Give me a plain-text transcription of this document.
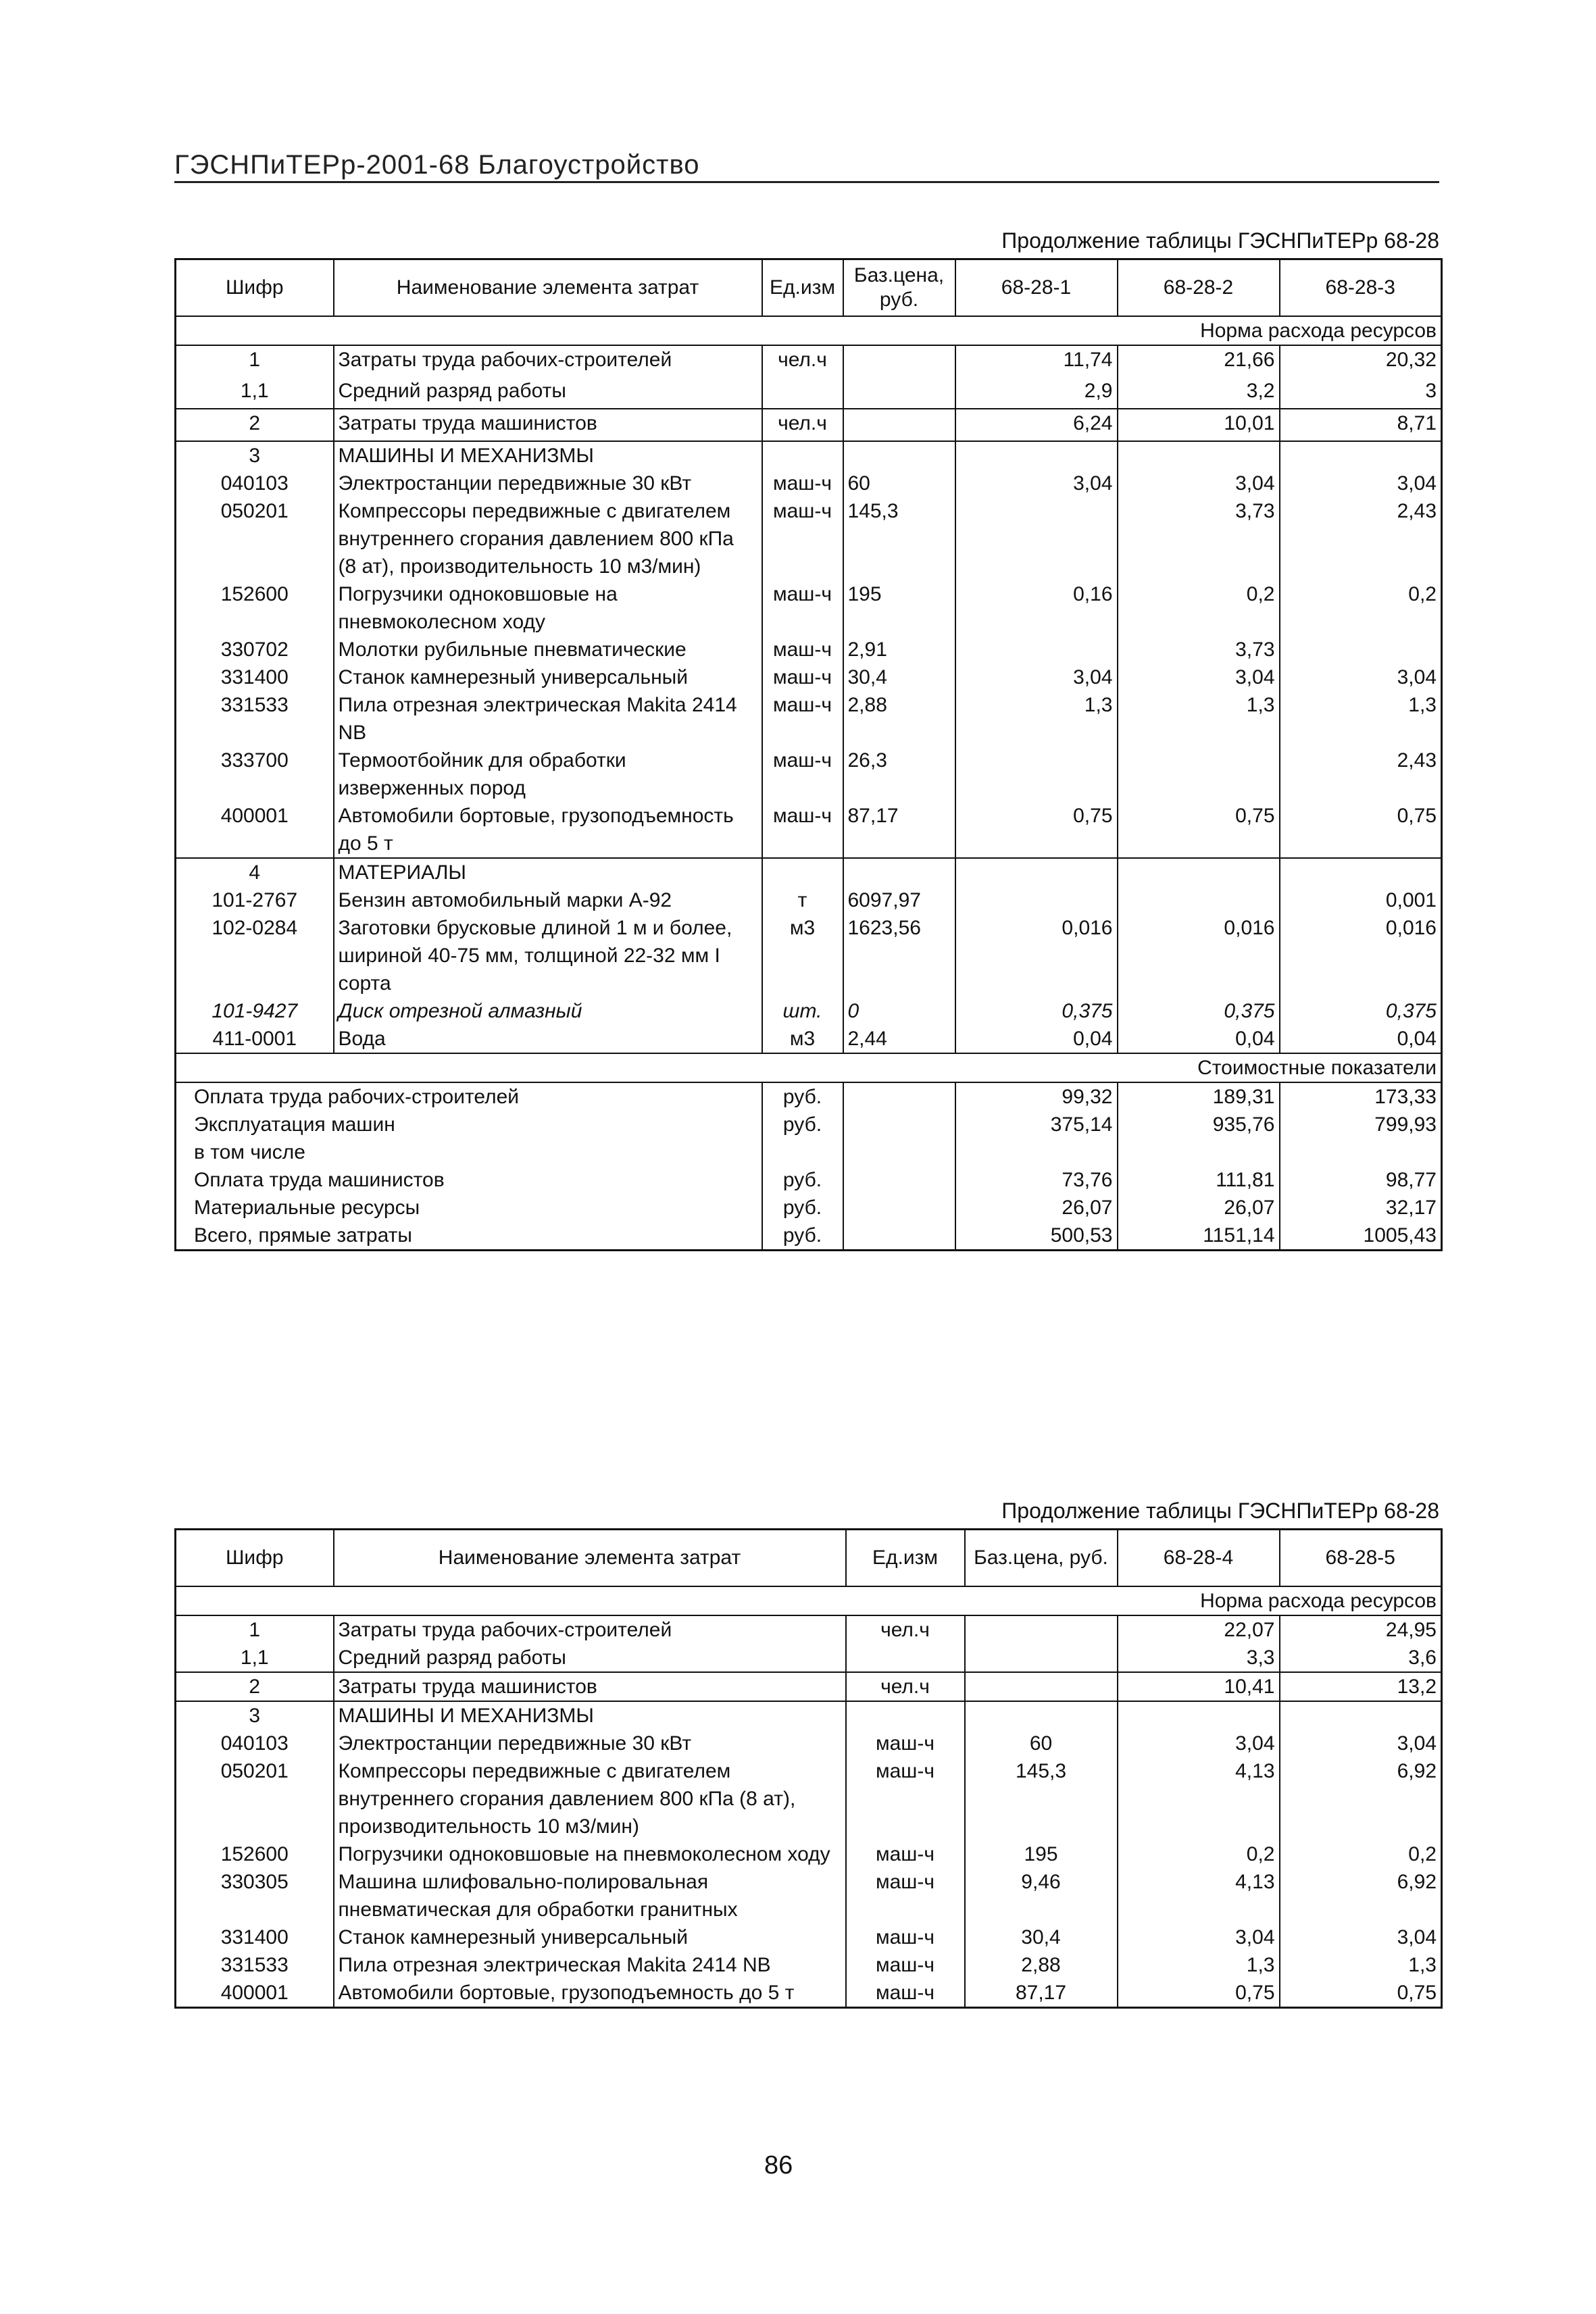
ГЭСНПиТЕРр-2001-68 Благоустройство
Продолжение таблицы ГЭСНПиТЕРр 68-28
Шифр	Наименование элемента затрат	Ед.изм	Баз.цена, руб.	68-28-1	68-28-2	68-28-3
				Норма расхода ресурсов		
1	Затраты труда рабочих-строителей	чел.ч		11,74	21,66	20,32
1,1	Средний разряд работы			2,9	3,2	3
2	Затраты труда машинистов	чел.ч		6,24	10,01	8,71
3	МАШИНЫ И МЕХАНИЗМЫ					
040103	Электростанции передвижные 30 кВт	маш-ч	60	3,04	3,04	3,04
050201	Компрессоры передвижные с двигателем внутреннего сгорания давлением 800 кПа (8 ат), производительность 10 м3/мин)	маш-ч	145,3		3,73	2,43
152600	Погрузчики одноковшовые на пневмоколесном ходу	маш-ч	195	0,16	0,2	0,2
330702	Молотки рубильные пневматические	маш-ч	2,91		3,73	
331400	Станок камнерезный универсальный	маш-ч	30,4	3,04	3,04	3,04
331533	Пила отрезная электрическая Makita 2414 NB	маш-ч	2,88	1,3	1,3	1,3
333700	Термоотбойник для обработки изверженных пород	маш-ч	26,3			2,43
400001	Автомобили бортовые, грузоподъемность до 5 т	маш-ч	87,17	0,75	0,75	0,75
4	МАТЕРИАЛЫ					
101-2767	Бензин автомобильный марки А-92	т	6097,97			0,001
102-0284	Заготовки брусковые длиной 1 м и более, шириной 40-75 мм, толщиной 22-32 мм I сорта	м3	1623,56	0,016	0,016	0,016
101-9427	Диск отрезной алмазный	шт.	0	0,375	0,375	0,375
411-0001	Вода	м3	2,44	0,04	0,04	0,04
				Стоимостные показатели		
Оплата труда рабочих-строителей		руб.		99,32	189,31	173,33
Эксплуатация машин		руб.		375,14	935,76	799,93
в том числе						
Оплата труда машинистов		руб.		73,76	111,81	98,77
Материальные ресурсы		руб.		26,07	26,07	32,17
Всего, прямые затраты		руб.		500,53	1151,14	1005,43
Продолжение таблицы ГЭСНПиТЕРр 68-28
Шифр	Наименование элемента затрат	Ед.изм	Баз.цена, руб.	68-28-4	68-28-5
				Норма расхода ресурсов	
1	Затраты труда рабочих-строителей	чел.ч		22,07	24,95
1,1	Средний разряд работы			3,3	3,6
2	Затраты труда машинистов	чел.ч		10,41	13,2
3	МАШИНЫ И МЕХАНИЗМЫ				
040103	Электростанции передвижные 30 кВт	маш-ч	60	3,04	3,04
050201	Компрессоры передвижные с двигателем внутреннего сгорания давлением 800 кПа (8 ат), производительность 10 м3/мин)	маш-ч	145,3	4,13	6,92
152600	Погрузчики одноковшовые на пневмоколесном ходу	маш-ч	195	0,2	0,2
330305	Машина шлифовально-полировальная пневматическая для обработки гранитных	маш-ч	9,46	4,13	6,92
331400	Станок камнерезный универсальный	маш-ч	30,4	3,04	3,04
331533	Пила отрезная электрическая Makita 2414 NB	маш-ч	2,88	1,3	1,3
400001	Автомобили бортовые, грузоподъемность до 5 т	маш-ч	87,17	0,75	0,75
86
